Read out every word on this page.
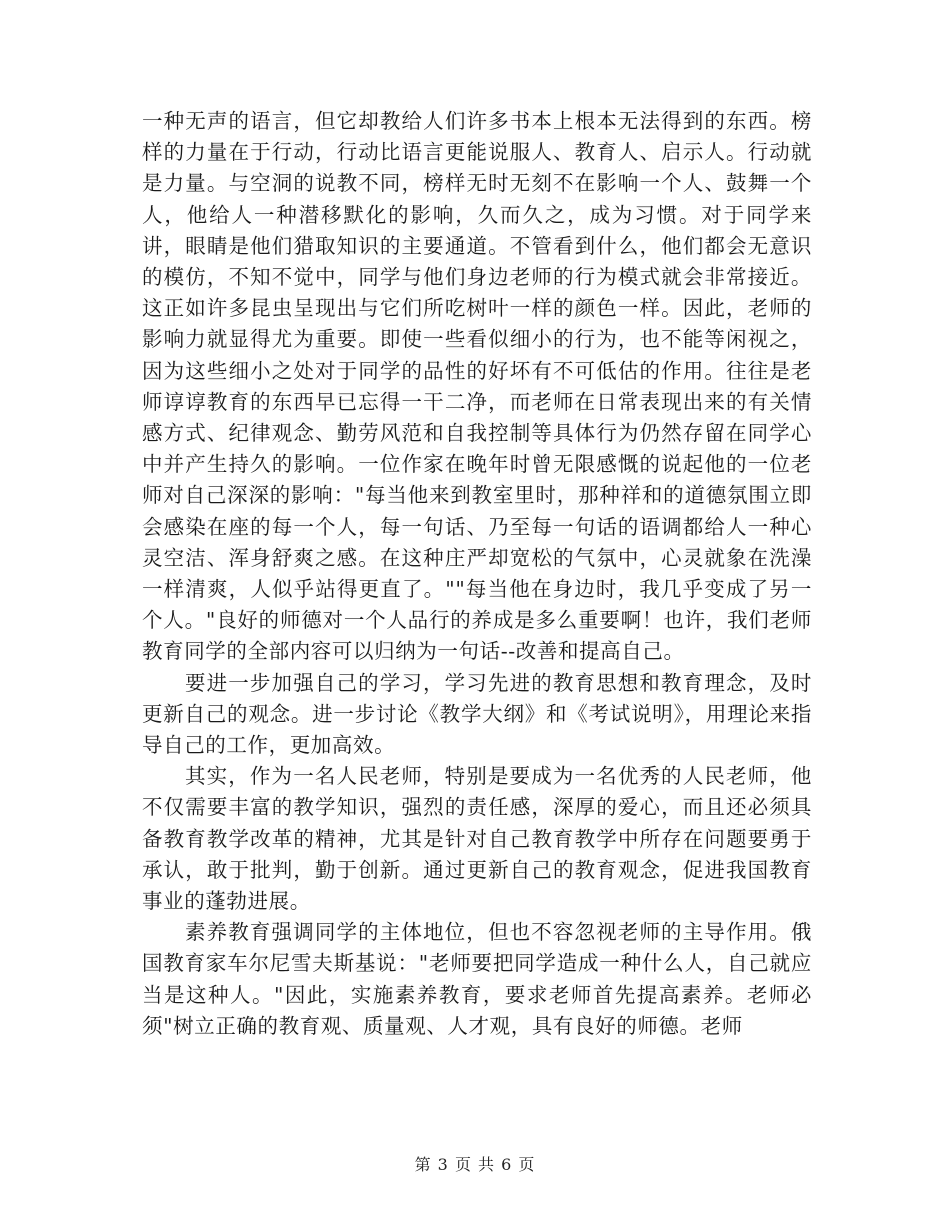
一种无声的语言，但它却教给人们许多书本上根本无法得到的东西。榜样的力量在于行动，行动比语言更能说服人、教育人、启示人。行动就是力量。与空洞的说教不同，榜样无时无刻不在影响一个人、鼓舞一个人，他给人一种潜移默化的影响，久而久之，成为习惯。对于同学来讲，眼睛是他们猎取知识的主要通道。不管看到什么，他们都会无意识的模仿，不知不觉中，同学与他们身边老师的行为模式就会非常接近。这正如许多昆虫呈现出与它们所吃树叶一样的颜色一样。因此，老师的影响力就显得尤为重要。即使一些看似细小的行为，也不能等闲视之，因为这些细小之处对于同学的品性的好坏有不可低估的作用。往往是老师谆谆教育的东西早已忘得一干二净，而老师在日常表现出来的有关情感方式、纪律观念、勤劳风范和自我控制等具体行为仍然存留在同学心中并产生持久的影响。一位作家在晚年时曾无限感慨的说起他的一位老师对自己深深的影响："每当他来到教室里时，那种祥和的道德氛围立即会感染在座的每一个人，每一句话、乃至每一句话的语调都给人一种心灵空洁、浑身舒爽之感。在这种庄严却宽松的气氛中，心灵就象在洗澡一样清爽，人似乎站得更直了。""每当他在身边时，我几乎变成了另一个人。"良好的师德对一个人品行的养成是多么重要啊！也许，我们老师教育同学的全部内容可以归纳为一句话--改善和提高自己。

要进一步加强自己的学习，学习先进的教育思想和教育理念，及时更新自己的观念。进一步讨论《教学大纲》和《考试说明》，用理论来指导自己的工作，更加高效。

其实，作为一名人民老师，特别是要成为一名优秀的人民老师，他不仅需要丰富的教学知识，强烈的责任感，深厚的爱心，而且还必须具备教育教学改革的精神，尤其是针对自己教育教学中所存在问题要勇于承认，敢于批判，勤于创新。通过更新自己的教育观念，促进我国教育事业的蓬勃进展。

素养教育强调同学的主体地位，但也不容忽视老师的主导作用。俄国教育家车尔尼雪夫斯基说："老师要把同学造成一种什么人，自己就应当是这种人。"因此，实施素养教育，要求老师首先提高素养。老师必须"树立正确的教育观、质量观、人才观，具有良好的师德。老师

第 3 页 共 6 页
